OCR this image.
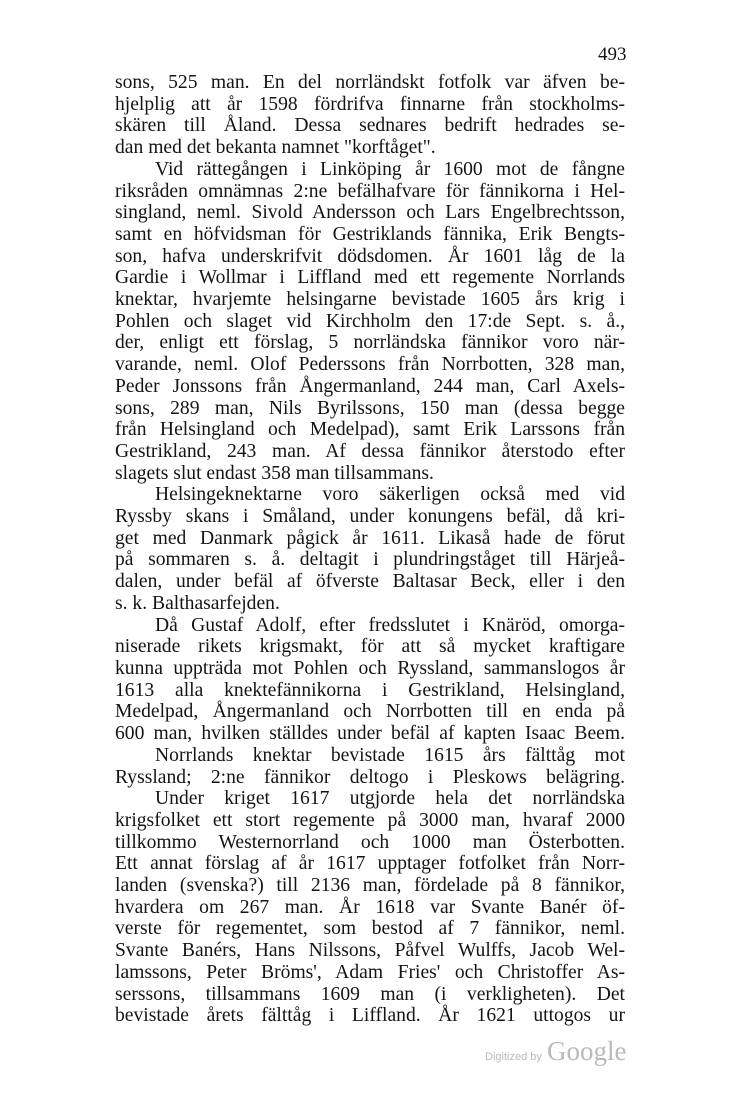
493
sons, 525 man. En del norrländskt fotfolk var äfven be-
hjelplig att år 1598 fördrifva finnarne från stockholms-
skären till Åland. Dessa sednares bedrift hedrades se-
dan med det bekanta namnet "korftåget".
Vid rättegången i Linköping år 1600 mot de fångne
riksråden omnämnas 2:ne befälhafvare för fännikorna i Hel-
singland, neml. Sivold Andersson och Lars Engelbrechtsson,
samt en höfvidsman för Gestriklands fännika, Erik Bengts-
son, hafva underskrifvit dödsdomen. År 1601 låg de la
Gardie i Wollmar i Liffland med ett regemente Norrlands
knektar, hvarjemte helsingarne bevistade 1605 års krig i
Pohlen och slaget vid Kirchholm den 17:de Sept. s. å.,
der, enligt ett förslag, 5 norrländska fännikor voro när-
varande, neml. Olof Pederssons från Norrbotten, 328 man,
Peder Jonssons från Ångermanland, 244 man, Carl Axels-
sons, 289 man, Nils Byrilssons, 150 man (dessa begge
från Helsingland och Medelpad), samt Erik Larssons från
Gestrikland, 243 man. Af dessa fännikor återstodo efter
slagets slut endast 358 man tillsammans.
Helsingeknektarne voro säkerligen också med vid
Ryssby skans i Småland, under konungens befäl, då kri-
get med Danmark pågick år 1611. Likaså hade de förut
på sommaren s. å. deltagit i plundringståget till Härjeå-
dalen, under befäl af öfverste Baltasar Beck, eller i den
s. k. Balthasarfejden.
Då Gustaf Adolf, efter fredsslutet i Knäröd, omorga-
niserade rikets krigsmakt, för att så mycket kraftigare
kunna uppträda mot Pohlen och Ryssland, sammanslogos år
1613 alla knektefännikorna i Gestrikland, Helsingland,
Medelpad, Ångermanland och Norrbotten till en enda på
600 man, hvilken ställdes under befäl af kapten Isaac Beem.
Norrlands knektar bevistade 1615 års fälttåg mot
Ryssland; 2:ne fännikor deltogo i Pleskows belägring.
Under kriget 1617 utgjorde hela det norrländska
krigsfolket ett stort regemente på 3000 man, hvaraf 2000
tillkommo Westernorrland och 1000 man Österbotten.
Ett annat förslag af år 1617 upptager fotfolket från Norr-
landen (svenska?) till 2136 man, fördelade på 8 fännikor,
hvardera om 267 man. År 1618 var Svante Banér öf-
verste för regementet, som bestod af 7 fännikor, neml.
Svante Banérs, Hans Nilssons, Påfvel Wulffs, Jacob Wel-
lamssons, Peter Bröms', Adam Fries' och Christoffer As-
serssons, tillsammans 1609 man (i verkligheten). Det
bevistade årets fälttåg i Liffland. År 1621 uttogos ur
Digitized by Google
